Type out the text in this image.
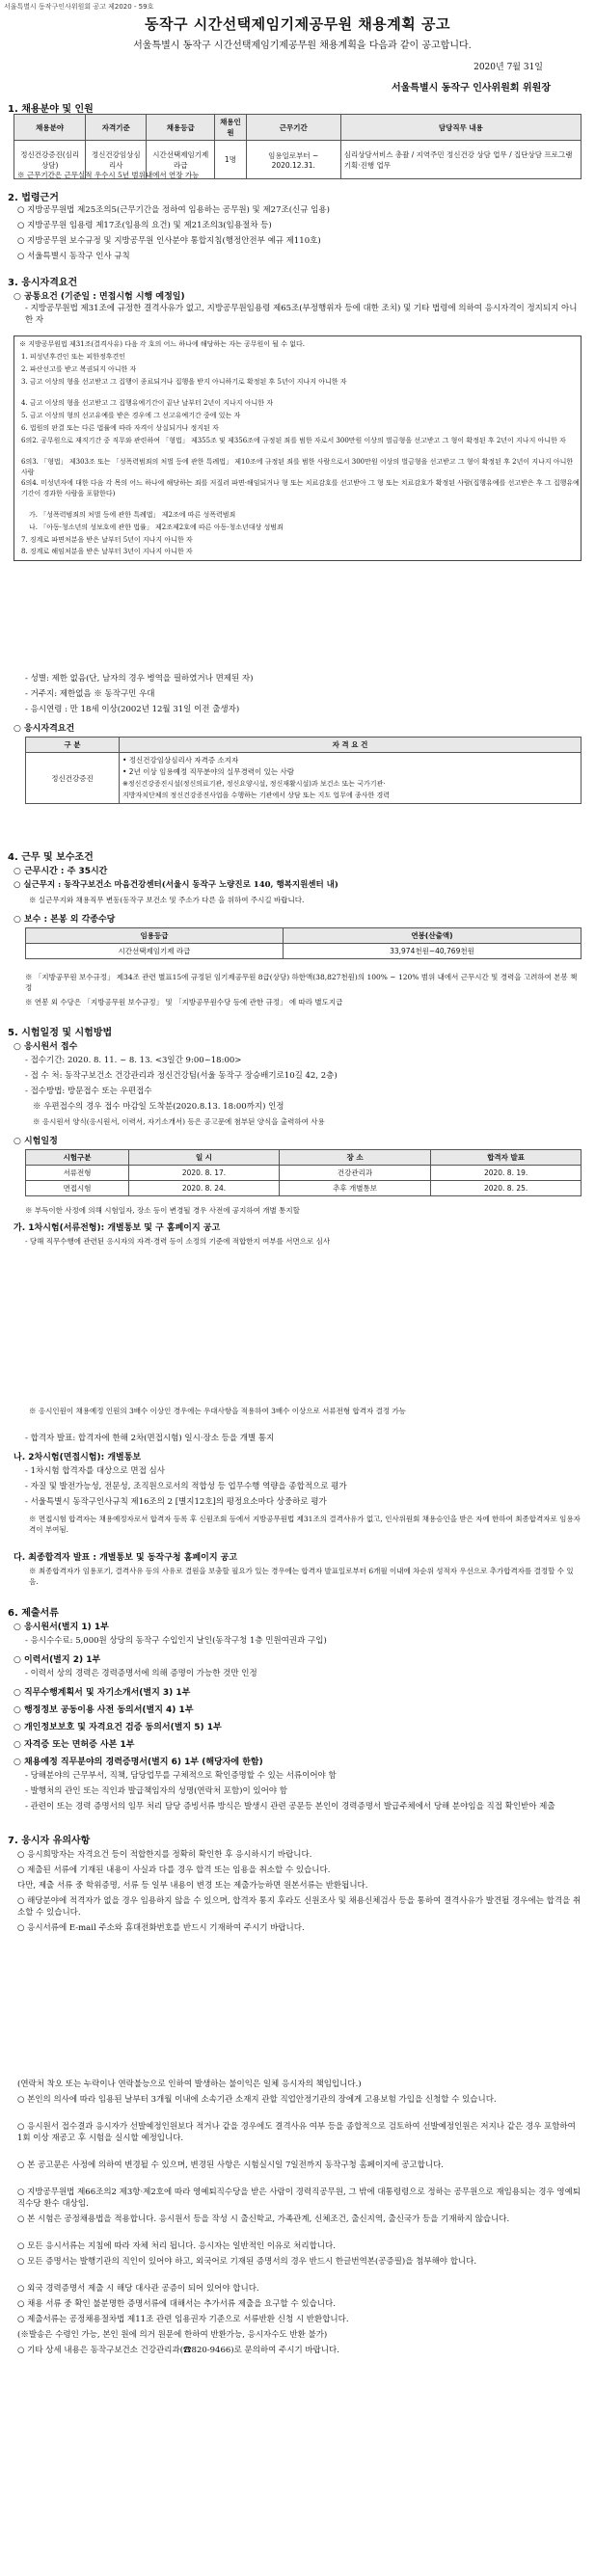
서울특별시 동작구인사위원회 공고 제2020 - 59호
동작구 시간선택제임기제공무원 채용계획 공고
서울특별시 동작구 시간선택제임기제공무원 채용계획을 다음과 같이 공고합니다.
2020년 7월 31일
서울특별시 동작구 인사위원회 위원장
1. 채용분야 및 인원
채용분야	자격기준	채용등급	채용인원	근무기간	담당직무 내용
정신건강증진(심리상담)	정신건강임상심리사	시간선택제임기제 라급	1명	임용일로부터 ~ 2020.12.31.	심리상담서비스 총괄 / 지역주민 정신건강 상담 업무 / 집단상담 프로그램 기획·진행 업무
※ 근무기간은 근무실적 우수시 5년 범위내에서 연장 가능
2. 법령근거
○ 지방공무원법 제25조의5(근무기간을 정하여 임용하는 공무원) 및 제27조(신규 임용)
○ 지방공무원 임용령 제17조(임용의 요건) 및 제21조의3(임용절차 등)
○ 지방공무원 보수규정 및 지방공무원 인사분야 통합지침(행정안전부 예규 제110호)
○ 서울특별시 동작구 인사 규칙
3. 응시자격요건
○ 공통요건 (기준일 : 면접시험 시행 예정일)
- 지방공무원법 제31조에 규정한 결격사유가 없고, 지방공무원임용령 제65조(부정행위자 등에 대한 조치) 및 기타 법령에 의하여 응시자격이 정지되지 아니한 자
※ 지방공무원법 제31조(결격사유) 다음 각 호의 어느 하나에 해당하는 자는 공무원이 될 수 없다.
1. 피성년후견인 또는 피한정후견인
2. 파산선고를 받고 복권되지 아니한 자
3. 금고 이상의 형을 선고받고 그 집행이 종료되거나 집행을 받지 아니하기로 확정된 후 5년이 지나지 아니한 자
4. 금고 이상의 형을 선고받고 그 집행유예기간이 끝난 날부터 2년이 지나지 아니한 자
5. 금고 이상의 형의 선고유예를 받은 경우에 그 선고유예기간 중에 있는 자
6. 법원의 판결 또는 다른 법률에 따라 자격이 상실되거나 정지된 자
6의2. 공무원으로 재직기간 중 직무와 관련하여 「형법」 제355조 및 제356조에 규정된 죄를 범한 자로서 300만원 이상의 벌금형을 선고받고 그 형이 확정된 후 2년이 지나지 아니한 자
6의3. 「형법」 제303조 또는 「성폭력범죄의 처벌 등에 관한 특례법」 제10조에 규정된 죄를 범한 사람으로서 300만원 이상의 벌금형을 선고받고 그 형이 확정된 후 2년이 지나지 아니한 사람
6의4. 미성년자에 대한 다음 각 목의 어느 하나에 해당하는 죄를 저질러 파면·해임되거나 형 또는 치료감호를 선고받아 그 형 또는 치료감호가 확정된 사람(집행유예를 선고받은 후 그 집행유예기간이 경과한 사람을 포함한다)
가. 「성폭력범죄의 처벌 등에 관한 특례법」 제2조에 따른 성폭력범죄
나. 「아동·청소년의 성보호에 관한 법률」 제2조제2호에 따른 아동·청소년대상 성범죄
7. 징계로 파면처분을 받은 날부터 5년이 지나지 아니한 자
8. 징계로 해임처분을 받은 날부터 3년이 지나지 아니한 자
- 성별: 제한 없음(단, 남자의 경우 병역을 필하였거나 면제된 자)
- 거주지: 제한없음 ※ 동작구민 우대
- 응시연령 : 만 18세 이상(2002년 12월 31일 이전 출생자)
○ 응시자격요건
구 분	자 격 요 건
정신건강증진	• 정신건강임상심리사 자격증 소지자
• 2년 이상 임용예정 직무분야의 실무경력이 있는 사람
※정신건강증진시설(정신의료기관, 정신요양시설, 정신재활시설)과 보건소 또는 국가기관·
지방자치단체의 정신건강증진사업을 수행하는 기관에서 상담 또는 지도 업무에 종사한 경력
4. 근무 및 보수조건
○ 근무시간 : 주 35시간
○ 실근무지 : 동작구보건소 마음건강센터(서울시 동작구 노량진로 140, 행복지원센터 내)
※ 실근무지와 채용직무 변동(동작구 보건소 및 주소가 다른 을 위하여 주시길 바랍니다.
○ 보수 : 본봉 외 각종수당
임용등급	연봉(산출액)
시간선택제임기제 라급	33,974천원~40,769천원
※ 「지방공무원 보수규정」 제34조 관련 별표15에 규정된 임기제공무원 8급(상당) 하한액(38,827천원)의 100% ~ 120% 범위 내에서 근무시간 및 경력을 고려하여 본봉 책정
※ 연봉 외 수당은 「지방공무원 보수규정」 및 「지방공무원수당 등에 관한 규정」 에 따라 별도지급
5. 시험일정 및 시험방법
○ 응시원서 접수
- 접수기간: 2020. 8. 11. ~ 8. 13. <3일간 9:00~18:00>
- 접 수 처: 동작구보건소 건강관리과 정신건강팀(서울 동작구 장승배기로10길 42, 2층)
- 접수방법: 방문접수 또는 우편접수
※ 우편접수의 경우 접수 마감일 도착분(2020.8.13. 18:00까지) 인정
※ 응시원서 양식(응시원서, 이력서, 자기소개서) 등은 공고문에 첨부된 양식을 출력하여 사용
○ 시험일정
시험구분	일 시	장 소	합격자 발표
서류전형	2020. 8. 17.	건강관리과	2020. 8. 19.
면접시험	2020. 8. 24.	추후 개별통보	2020. 8. 25.
※ 부득이한 사정에 의해 시험일자, 장소 등이 변경될 경우 사전에 공지하여 개별 통지할
가. 1차시험(서류전형): 개별통보 및 구 홈페이지 공고
- 당해 직무수행에 관련된 응시자의 자격·경력 등이 소정의 기준에 적합한지 여부를 서면으로 심사
※ 응시인원이 채용예정 인원의 3배수 이상인 경우에는 우대사항을 적용하여 3배수 이상으로 서류전형 합격자 결정 가능
- 합격자 발표: 합격자에 한해 2차(면접시험) 일시·장소 등을 개별 통지
나. 2차시험(면접시험): 개별통보
- 1차시험 합격자를 대상으로 면접 심사
- 자질 및 발전가능성, 전문성, 조직원으로서의 적합성 등 업무수행 역량을 종합적으로 평가
- 서울특별시 동작구인사규칙 제16조의 2 [별지12호]의 평정요소마다 상중하로 평가
※ 면접시험 합격자는 채용예정자로서 합격자 등록 후 신원조회 등에서 지방공무원법 제31조의 결격사유가 없고, 인사위원회 채용승인을 받은 자에 한하여 최종합격자로 임용자격이 부여됨.
다. 최종합격자 발표 : 개별통보 및 동작구청 홈페이지 공고
※ 최종합격자가 임용포기, 결격사유 등의 사유로 결원을 보충할 필요가 있는 경우에는 합격자 발표일로부터 6개월 이내에 차순위 성적자 우선으로 추가합격자를 결정할 수 있음.
6. 제출서류
○ 응시원서(별지 1) 1부
- 응시수수료: 5,000원 상당의 동작구 수입인지 날인(동작구청 1층 민원여권과 구입)
○ 이력서(별지 2) 1부
- 이력서 상의 경력은 경력증명서에 의해 증명이 가능한 것만 인정
○ 직무수행계획서 및 자기소개서(별지 3) 1부
○ 행정정보 공동이용 사전 동의서(별지 4) 1부
○ 개인정보보호 및 자격요건 검증 동의서(별지 5) 1부
○ 자격증 또는 면허증 사본 1부
○ 채용예정 직무분야의 경력증명서(별지 6) 1부 (해당자에 한함)
- 당해분야의 근무부서, 직책, 담당업무를 구체적으로 확인증명할 수 있는 서류이어야 함
- 발행처의 관인 또는 직인과 발급책임자의 성명(연락처 포함)이 있어야 함
- 관련이 또는 경력 증명서의 임무 처리 담당 증빙서류 방식은 발생시 관련 공문등 본인이 경력증명서 발급주체에서 당해 분야임을 직접 확인받아 제출
7. 응시자 유의사항
○ 응시희망자는 자격요건 등이 적합한지를 정확히 확인한 후 응시하시기 바랍니다.
○ 제출된 서류에 기재된 내용이 사실과 다를 경우 합격 또는 임용을 취소할 수 있습니다.
다만, 제출 서류 중 학위증명, 서류 등 일부 내용이 변경 또는 제출가능하면 원본서류는 반환됩니다.
○ 해당분야에 적격자가 없을 경우 임용하지 않을 수 있으며, 합격자 통지 후라도 신원조사 및 채용신체검사 등을 통하여 결격사유가 발견될 경우에는 합격을 취소할 수 있습니다.
○ 응시서류에 E-mail 주소와 휴대전화번호를 반드시 기재하여 주시기 바랍니다.
(연락처 착오 또는 누락이나 연락불능으로 인하여 발생하는 불이익은 일체 응시자의 책임입니다.)
○ 본인의 의사에 따라 임용된 날부터 3개월 이내에 소속기관 소재지 관할 직업안정기관의 장에게 고용보험 가입을 신청할 수 있습니다.
○ 응시원서 접수결과 응시자가 선발예정인원보다 적거나 같을 경우에도 결격사유 여부 등을 종합적으로 검토하여 선발예정인원은 저지나 같은 경우 포함하여 1회 이상 재공고 후 시험을 실시할 예정입니다.
○ 본 공고문은 사정에 의하여 변경될 수 있으며, 변경된 사항은 시험실시일 7일전까지 동작구청 홈페이지에 공고합니다.
○ 지방공무원법 제66조의2 제3항·제2호에 따라 영예퇴직수당을 받은 사람이 경력직공무원, 그 밖에 대통령령으로 정하는 공무원으로 재임용되는 경우 영예퇴직수당 환수 대상임.
○ 본 시험은 공정채용법을 적용합니다. 응시원서 등을 작성 시 출신학교, 가족관계, 신체조건, 출신지역, 출신국가 등을 기재하지 않습니다.
○ 모든 응시서류는 지침에 따라 자체 처리 됩니다. 응시자는 일반적인 이유로 처리합니다.
○ 모든 증명서는 발행기관의 직인이 있어야 하고, 외국어로 기재된 증명서의 경우 반드시 한글번역본(공증필)을 첨부해야 합니다.
○ 외국 경력증명서 제출 시 해당 대사관 공증이 되어 있어야 합니다.
○ 채용 서류 중 확인 불분명한 증명서류에 대해서는 추가서류 제출을 요구할 수 있습니다.
○ 제출서류는 공정채용절차법 제11조 관련 임용권자 기준으로 서류반환 신청 시 반환합니다.
(※발송은 수령인 가능, 본인 원에 의거 원문에 한하여 반환가능, 응시자수도 반환 불가)
○ 기타 상세 내용은 동작구보건소 건강관리과(☎820-9466)로 문의하여 주시기 바랍니다.
